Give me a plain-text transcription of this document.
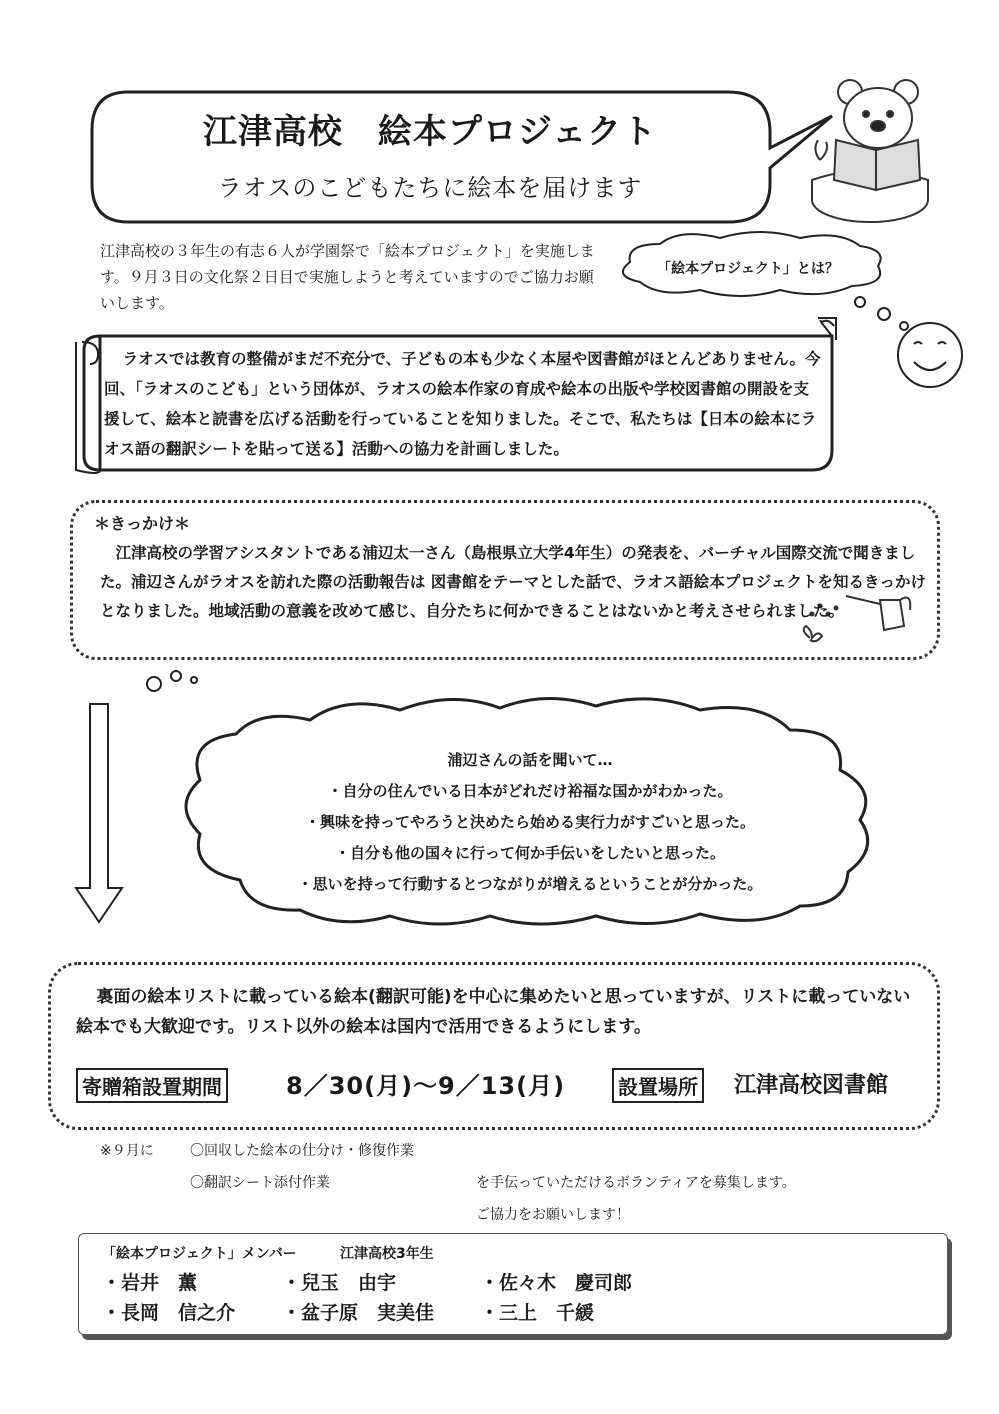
江津高校　絵本プロジェクト
ラオスのこどもたちに絵本を届けます
江津高校の３年生の有志６人が学園祭で「絵本プロジェクト」を実施します。９月３日の文化祭２日目で実施しようと考えていますのでご協力お願いします。
「絵本プロジェクト」とは？
ラオスでは教育の整備がまだ不充分で、子どもの本も少なく本屋や図書館がほとんどありません。今回、「ラオスのこども」という団体が、ラオスの絵本作家の育成や絵本の出版や学校図書館の開設を支援して、絵本と読書を広げる活動を行っていることを知りました。そこで、私たちは【日本の絵本にラオス語の翻訳シートを貼って送る】活動への協力を計画しました。
＊きっかけ＊
江津高校の学習アシスタントである浦辺太一さん（島根県立大学4年生）の発表を、バーチャル国際交流で聞きました。浦辺さんがラオスを訪れた際の活動報告は 図書館をテーマとした話で、ラオス語絵本プロジェクトを知るきっかけとなりました。地域活動の意義を改めて感じ、自分たちに何かできることはないかと考えさせられました。
浦辺さんの話を聞いて…
・自分の住んでいる日本がどれだけ裕福な国かがわかった。
・興味を持ってやろうと決めたら始める実行力がすごいと思った。
・自分も他の国々に行って何か手伝いをしたいと思った。
・思いを持って行動するとつながりが増えるということが分かった。
裏面の絵本リストに載っている絵本(翻訳可能)を中心に集めたいと思っていますが、リストに載っていない絵本でも大歓迎です。リスト以外の絵本は国内で活用できるようにします。
寄贈箱設置期間	8／30(月)～9／13(月)	設置場所 江津高校図書館
※９月に	〇回収した絵本の仕分け・修復作業
〇翻訳シート添付作業	を手伝っていただけるボランティアを募集します。
ご協力をお願いします！
「絵本プロジェクト」メンバー	江津高校3年生
・岩井　薫	・兒玉　由宇	・佐々木　慶司郎
・長岡　信之介 ・盆子原　実美佳 ・三上　千緩
